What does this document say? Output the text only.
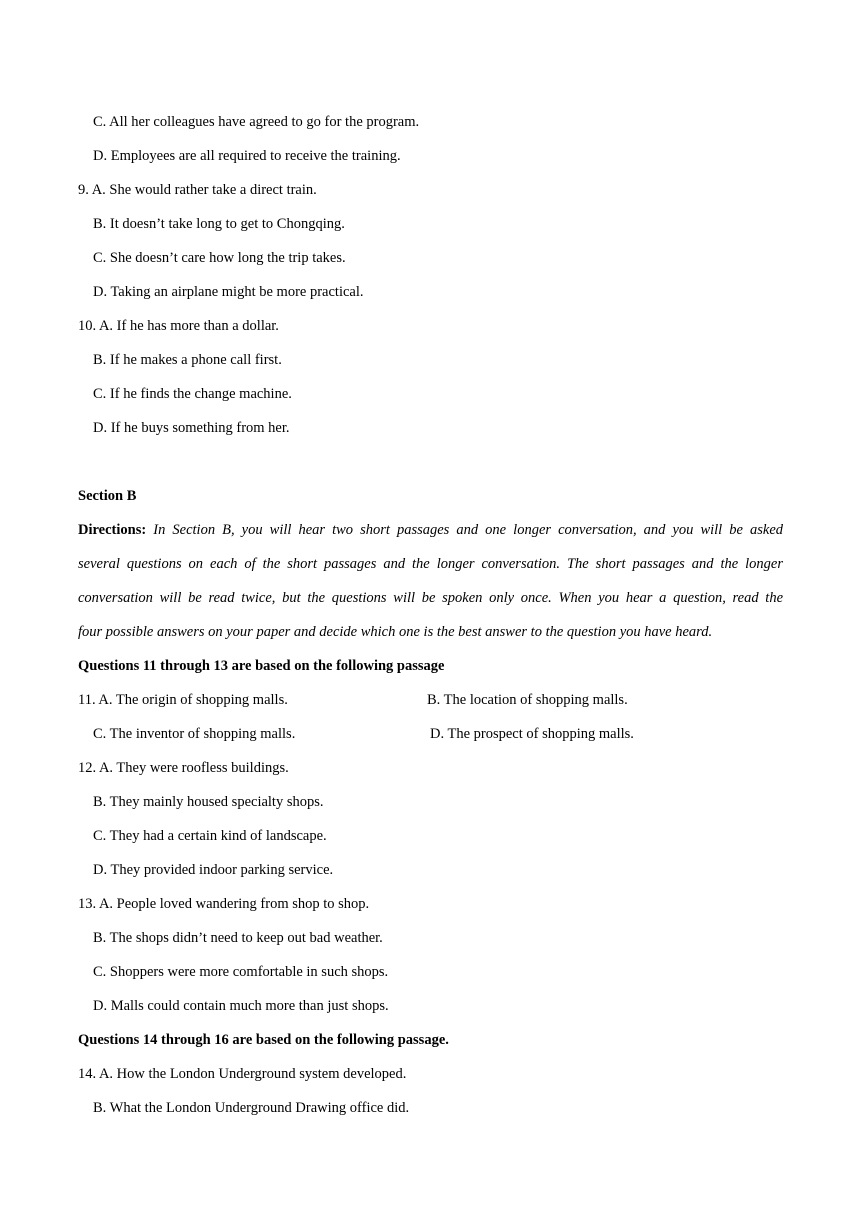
C. All her colleagues have agreed to go for the program.
D. Employees are all required to receive the training.
9. A. She would rather take a direct train.
B. It doesn’t take long to get to Chongqing.
C. She doesn’t care how long the trip takes.
D. Taking an airplane might be more practical.
10. A. If he has more than a dollar.
B. If he makes a phone call first.
C. If he finds the change machine.
D. If he buys something from her.
Section B
Directions: In Section B, you will hear two short passages and one longer conversation, and you will be asked
several questions on each of the short passages and the longer conversation. The short passages and the longer
conversation will be read twice, but the questions will be spoken only once. When you hear a question, read the
four possible answers on your paper and decide which one is the best answer to the question you have heard.
Questions 11 through 13 are based on the following passage
11. A. The origin of shopping malls.	B. The location of shopping malls.
C. The inventor of shopping malls.	D. The prospect of shopping malls.
12. A. They were roofless buildings.
B. They mainly housed specialty shops.
C. They had a certain kind of landscape.
D. They provided indoor parking service.
13. A. People loved wandering from shop to shop.
B. The shops didn’t need to keep out bad weather.
C. Shoppers were more comfortable in such shops.
D. Malls could contain much more than just shops.
Questions 14 through 16 are based on the following passage.
14. A. How the London Underground system developed.
B. What the London Underground Drawing office did.
